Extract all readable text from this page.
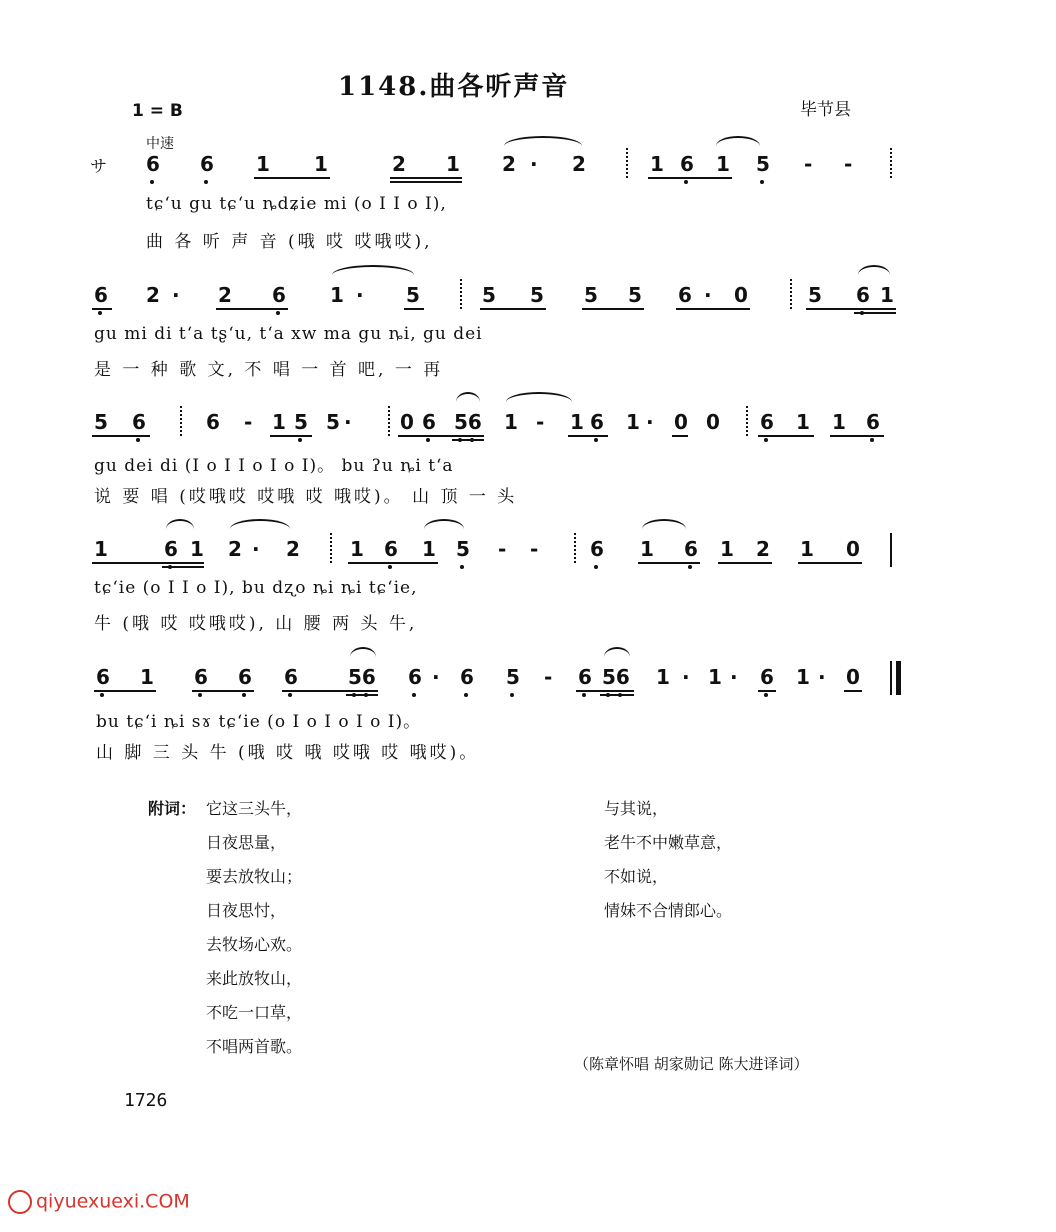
1148.曲各听声音
1 = B	毕节县
中速
サ 6 6 1 1	2 1 2 · 2	1 6 1 5 - -
tɕʻu gu tɕʻu ȵdʑie mi (o I I o I),
曲 各 听 声 音 (哦 哎 哎哦哎),
6 2 · 2 6 1 · 5	5 5 5 5 6 · 0	5 6 1
gu mi di tʻa tʂʻu, tʻa xw ma gu ȵi, gu dei
是 一 种 歌 文, 不 唱 一 首 吧, 一 再
5 6	6 - 1 5 5 · 0 6 56 1 - 1 6 1 · 0 0 6 1 1 6
gu dei di (I o I I o I o I)。 bu ʔu ȵi tʻa
说 要 唱 (哎哦哎 哎哦 哎 哦哎)。 山 顶 一 头
1	6 1 2 · 2	1 6 1 5 - -	6 1 6 1 2 1 0
tɕʻie (o I I o I), bu dʐo ȵi ȵi tɕʻie,
牛 (哦 哎 哎哦哎), 山 腰 两 头 牛,
6 1 6 6 6	56 6 · 6 5 - 6 56 1 · 1 · 6 1 · 0
bu tɕʻi ȵi sɤ tɕʻie (o I o I o I o I)。
山 脚 三 头 牛 (哦 哎 哦 哎哦 哎 哦哎)。
附词： 它这三头牛，
日夜思量，
要去放牧山；
日夜思忖，
去牧场心欢。
来此放牧山，
不吃一口草，
不唱两首歌。
与其说，
老牛不中嫩草意，
不如说，
情妹不合情郎心。
（陈章怀唱 胡家勋记 陈大进译词）
1726
qiyuexuexi.COM
